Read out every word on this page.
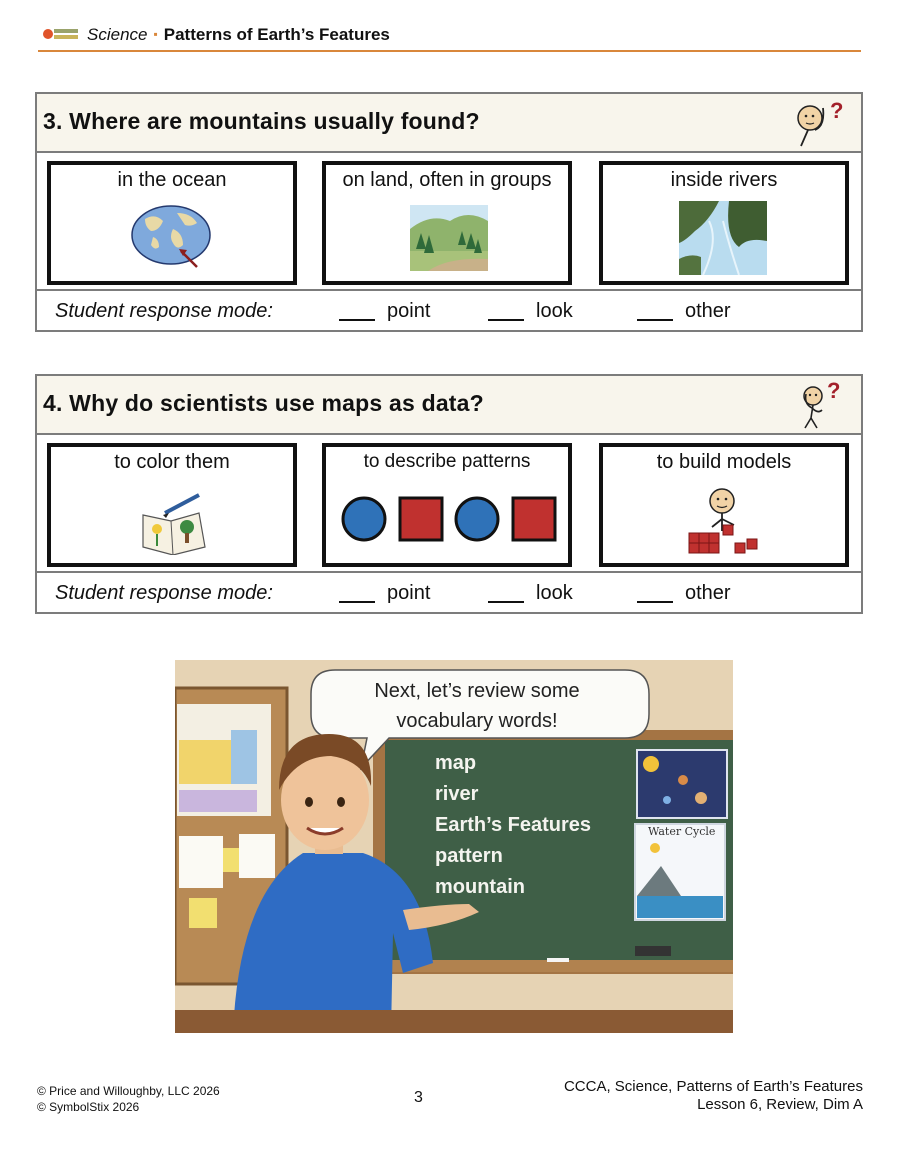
Science ▪ Patterns of Earth’s Features
3. Where are mountains usually found?	?
in the ocean	on land, often in groups	inside rivers
Student response mode:	point	look	other
4. Why do scientists use maps as data?	?
to color them	to describe patterns	to build models
Student response mode:	point	look	other
Next, let’s review some vocabulary words!
map
river
Earth’s Features
pattern
mountain
Water Cycle
© Price and Willoughby, LLC 2026
© SymbolStix 2026
3
CCCA, Science, Patterns of Earth’s Features
Lesson 6, Review, Dim A
